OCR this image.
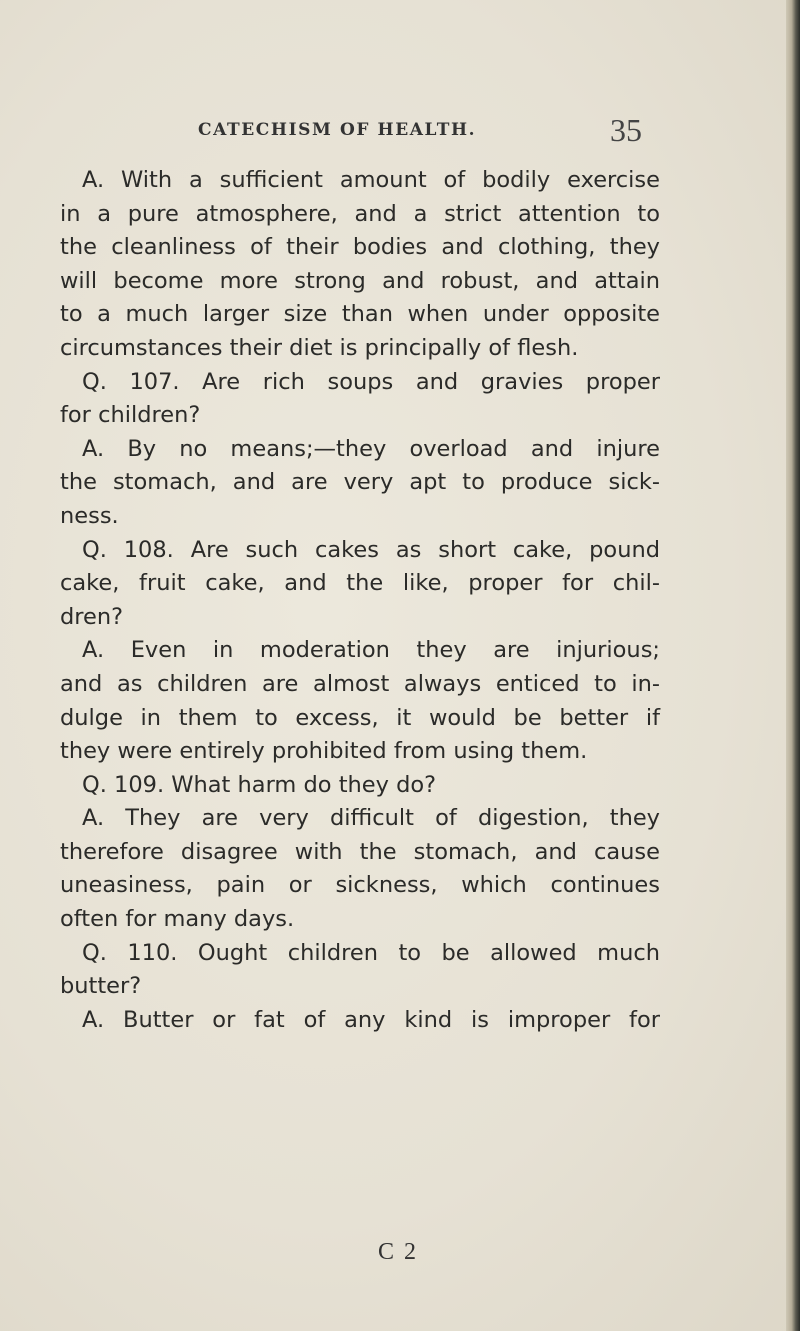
CATECHISM OF HEALTH.	35
A. With a sufficient amount of bodily exercise
in a pure atmosphere, and a strict attention to
the cleanliness of their bodies and clothing, they
will become more strong and robust, and attain
to a much larger size than when under opposite
circumstances their diet is principally of flesh.
Q. 107. Are rich soups and gravies proper
for children?
A. By no means;—they overload and injure
the stomach, and are very apt to produce sick-
ness.
Q. 108. Are such cakes as short cake, pound
cake, fruit cake, and the like, proper for chil-
dren?
A. Even in moderation they are injurious;
and as children are almost always enticed to in-
dulge in them to excess, it would be better if
they were entirely prohibited from using them.
Q. 109. What harm do they do?
A. They are very difficult of digestion, they
therefore disagree with the stomach, and cause
uneasiness, pain or sickness, which continues
often for many days.
Q. 110. Ought children to be allowed much
butter?
A. Butter or fat of any kind is improper for
C 2
